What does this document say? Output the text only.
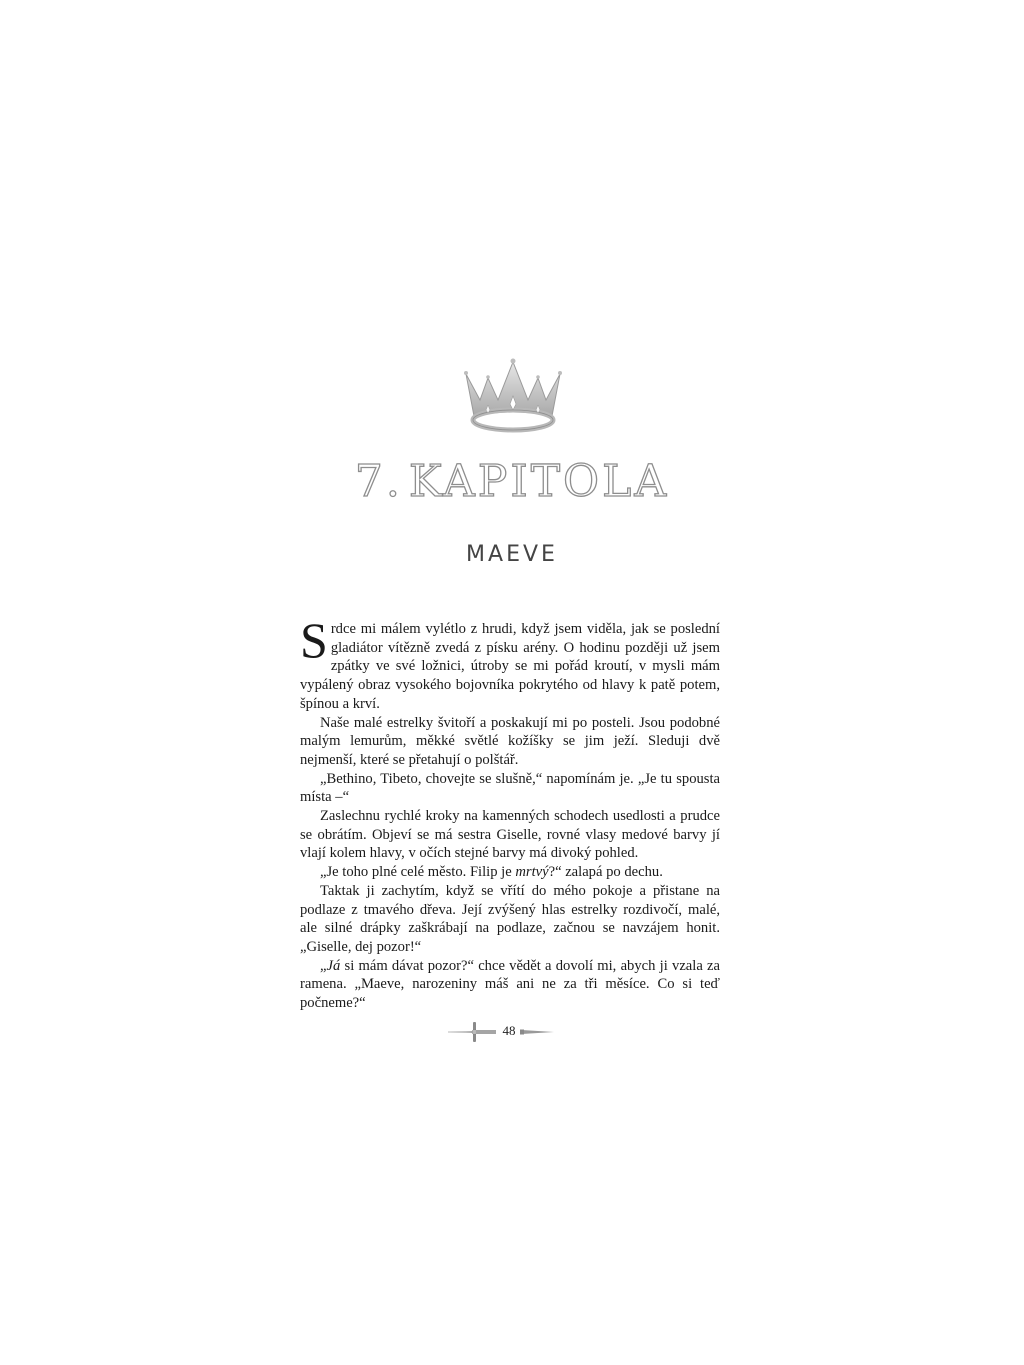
7. KAPITOLA
MAEVE

Srdce mi málem vylétlo z hrudi, když jsem viděla, jak se poslední gladiátor vítězně zvedá z písku arény. O hodinu později už jsem zpátky ve své ložnici, útroby se mi pořád kroutí, v mysli mám vypálený obraz vysokého bojovníka pokrytého od hlavy k patě potem, špínou a krví.

Naše malé estrelky švitoří a poskakují mi po posteli. Jsou podobné malým lemurům, měkké světlé kožíšky se jim ježí. Sleduji dvě nejmenší, které se přetahují o polštář.

„Bethino, Tibeto, chovejte se slušně,“ napomínám je. „Je tu spousta místa –“

Zaslechnu rychlé kroky na kamenných schodech usedlosti a prudce se obrátím. Objeví se má sestra Giselle, rovné vlasy medové barvy jí vlají kolem hlavy, v očích stejné barvy má divoký pohled.

„Je toho plné celé město. Filip je mrtvý?“ zalapá po dechu.

Taktak ji zachytím, když se vřítí do mého pokoje a přistane na podlaze z tmavého dřeva. Její zvýšený hlas estrelky rozdivočí, malé, ale silné drápky zaškrábají na podlaze, začnou se navzájem honit. „Giselle, dej pozor!“

„Já si mám dávat pozor?“ chce vědět a dovolí mi, abych ji vzala za ramena. „Maeve, narozeniny máš ani ne za tři měsíce. Co si teď počneme?“

48
